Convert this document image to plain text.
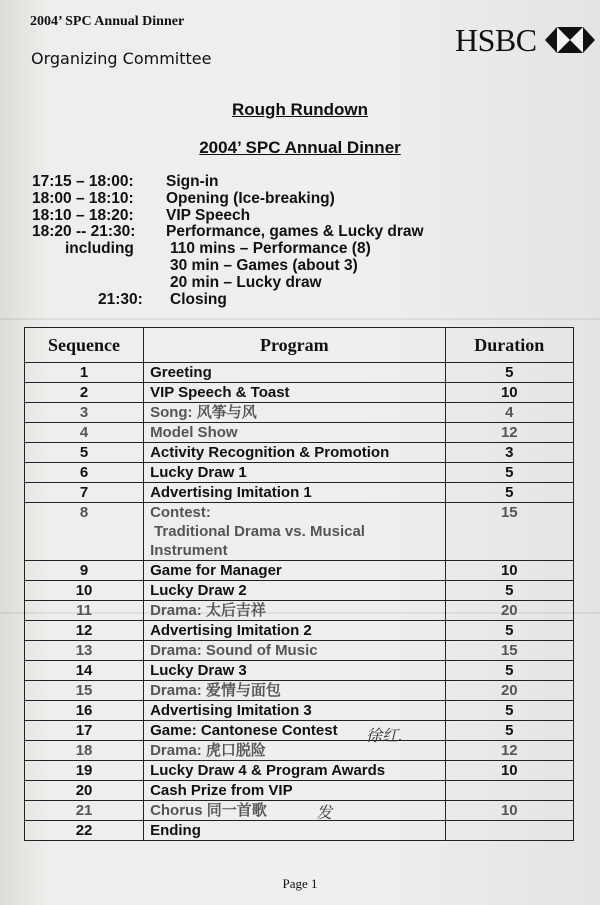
2004’ SPC Annual Dinner
Organizing Committee
HSBC
Rough Rundown
2004’ SPC Annual Dinner
17:15 – 18:00: Sign-in
18:00 – 18:10: Opening (Ice-breaking)
18:10 – 18:20: VIP Speech
18:20 -- 21:30: Performance, games & Lucky draw
including 110 mins – Performance (8)
30 min – Games (about 3)
20 min – Lucky draw
21:30: Closing
Sequence	Program	Duration
1	Greeting	5
2	VIP Speech & Toast	10
3	Song: 风筝与风	4
4	Model Show	12
5	Activity Recognition & Promotion	3
6	Lucky Draw 1	5
7	Advertising Imitation 1	5
8	Contest:
Traditional Drama vs. Musical
Instrument	15
9	Game for Manager	10
10	Lucky Draw 2	5
11	Drama: 太后吉祥	20
12	Advertising Imitation 2	5
13	Drama: Sound of Music	15
14	Lucky Draw 3	5
15	Drama: 爱情与面包	20
16	Advertising Imitation 3	5
17	Game: Cantonese Contest	5
18	Drama: 虎口脱险	12
19	Lucky Draw 4 & Program Awards	10
20	Cash Prize from VIP	
21	Chorus 同一首歌	10
22	Ending	
徐红.
发
Page 1
